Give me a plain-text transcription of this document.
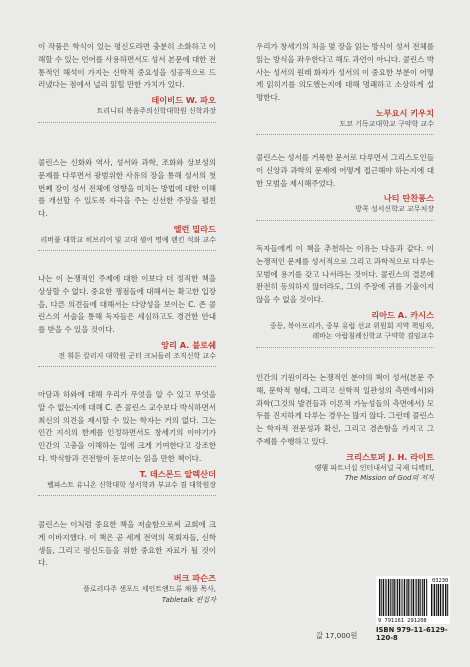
이 작품은 학식이 있는 평신도라면 충분히 소화하고 이해할 수 있는 언어를 사용하면서도 성서 본문에 대한 전통적인 해석이 가지는 신학적 중요성을 성공적으로 드러냈다는 점에서 널리 읽힐 만한 가치가 있다.
데이비드 W. 파오
트리니티 복음주의신학대학원 신학과장
콜린스는 신화와 역사, 성서와 과학, 조화와 상보성의 문제를 다루면서 광범위한 사유의 장을 통해 성서의 첫 번째 장이 성서 전체에 영향을 미치는 방법에 대한 이해를 개선할 수 있도록 자극을 주는 신선한 주장을 펼친다.
앨런 밀라드
리버풀 대학교 히브리어 및 고대 셈어 명예 랜킨 석좌 교수
나는 이 논쟁적인 주제에 대한 이보다 더 정직한 책을 상상할 수 없다. 중요한 쟁점들에 대해서는 확고한 입장을, 다른 의견들에 대해서는 다양성을 보이는 C. 존 콜린스의 서술을 통해 독자들은 세심하고도 경건한 안내를 받을 수 있을 것이다.
앙리 A. 블로쉐
전 휘튼 칼리지 대학원 군터 크뇌들러 조직신학 교수
아담과 하와에 대해 우리가 무엇을 알 수 있고 무엇을 알 수 없는지에 대해 C. 존 콜린스 교수보다 박식하면서 최신의 의견을 제시할 수 있는 학자는 거의 없다. 그는 인간 지식의 한계를 인정하면서도 창세기의 이야기가 인간의 고충을 이해하는 일에 크게 기여한다고 강조한다. 박식함과 건전함이 돋보이는 읽을 만한 책이다.
T. 데스몬드 알렉산더
벨파스트 유니온 신학대학 성서학과 부교수 겸 대학원장
콜린스는 이처럼 중요한 책을 저술함으로써 교회에 크게 이바지했다. 이 책은 곧 세계 전역의 목회자들, 신학생들, 그리고 평신도들을 위한 중요한 자료가 될 것이다.
버크 파슨즈
플로리다주 샌포드 세인트앤드류 채플 목사,
Tabletalk 편집자
우리가 창세기의 처음 몇 장을 읽는 방식이 성서 전체를 읽는 방식을 좌우한다고 해도 과언이 아니다. 콜린스 박사는 성서의 원래 화자가 성서의 이 중요한 부분이 어떻게 읽히기를 의도했는지에 대해 명쾌하고 소상하게 설명한다.
노부요시 키우치
도쿄 기독교대학교 구약학 교수
콜린스는 성서를 거룩한 문서로 다루면서 그리스도인들이 신앙과 과학의 문제에 어떻게 접근해야 하는지에 대한 모범을 제시해주었다.
나티 탄찬퐁스
방콕 성서신학교 교무처장
독자들에게 이 책을 추천하는 이유는 다음과 같다. 이 논쟁적인 문제를 성서적으로 그리고 과학적으로 다루는 모범에 용기를 갖고 나서라는 것이다. 콜린스의 결론에 완전히 동의하지 않더라도, 그의 주장에 귀를 기울이지 않을 수 없을 것이다.
리아드 A. 카시스
중동, 북아프리카, 중부 유럽 선교 위원회 지역 책임자,
레바논 아랍침례신학교 구약학 겸임교수
인간의 기원이라는 논쟁적인 분야의 책이 성서(본문 주해, 문학적 형태, 그리고 신학적 일관성의 측면에서)와 과학(그것의 발견들과 이론적 가능성들의 측면에서) 모두를 진지하게 다루는 경우는 많지 않다. 그런데 콜린스는 학자적 전문성과 확신, 그리고 겸손함을 가지고 그 주제를 수행하고 있다.
크리스토퍼 J. H. 라이트
랭햄 파트너십 인터내셔널 국제 디렉터,
The Mission of God의 저자
값 17,000원
9 791161 291208
03230
ISBN 979-11-6129-120-8
